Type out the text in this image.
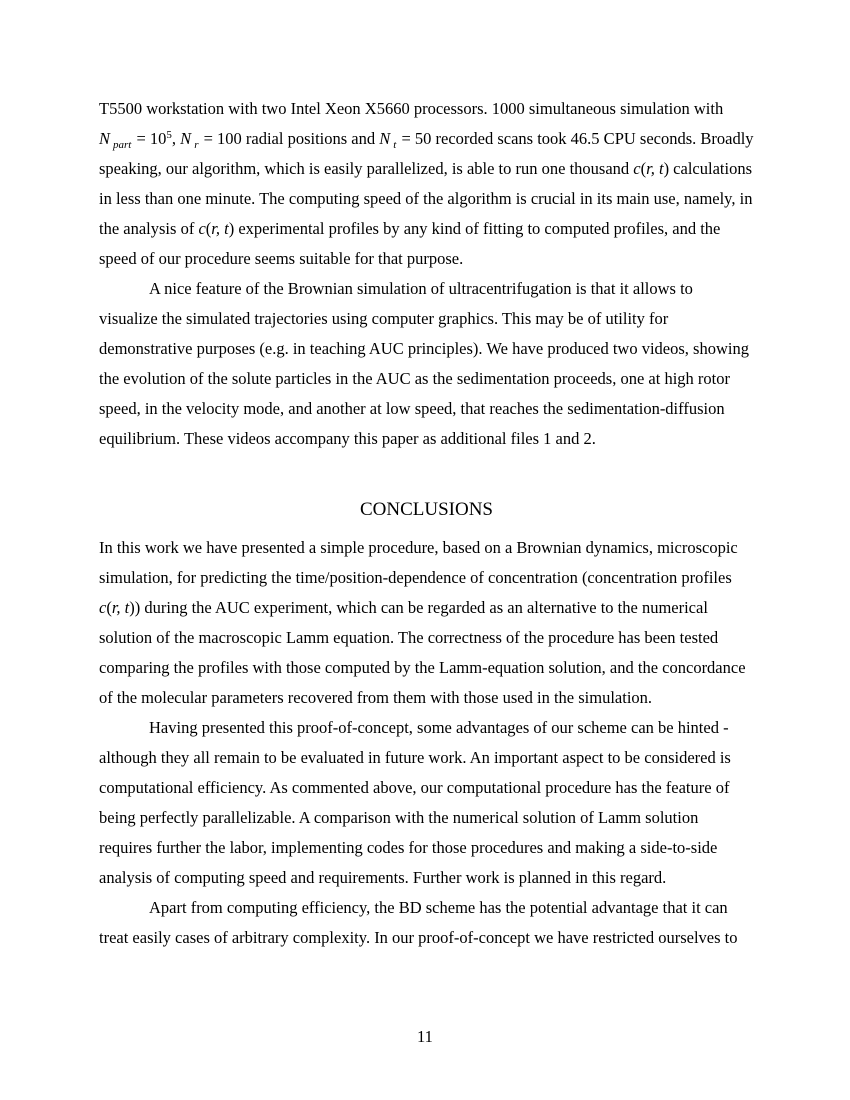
T5500 workstation with two Intel Xeon X5660 processors. 1000 simultaneous simulation with N $_{part} = 10^5$, N $_r$ = 100 radial positions and N $_t$ = 50 recorded scans took 46.5 CPU seconds. Broadly speaking, our algorithm, which is easily parallelized, is able to run one thousand c(r, t) calculations in less than one minute. The computing speed of the algorithm is crucial in its main use, namely, in the analysis of c(r, t) experimental profiles by any kind of fitting to computed profiles, and the speed of our procedure seems suitable for that purpose.

A nice feature of the Brownian simulation of ultracentrifugation is that it allows to visualize the simulated trajectories using computer graphics. This may be of utility for demonstrative purposes (e.g. in teaching AUC principles). We have produced two videos, showing the evolution of the solute particles in the AUC as the sedimentation proceeds, one at high rotor speed, in the velocity mode, and another at low speed, that reaches the sedimentation-diffusion equilibrium. These videos accompany this paper as additional files 1 and 2.

CONCLUSIONS

In this work we have presented a simple procedure, based on a Brownian dynamics, microscopic simulation, for predicting the time/position-dependence of concentration (concentration profiles c(r, t)) during the AUC experiment, which can be regarded as an alternative to the numerical solution of the macroscopic Lamm equation. The correctness of the procedure has been tested comparing the profiles with those computed by the Lamm-equation solution, and the concordance of the molecular parameters recovered from them with those used in the simulation.

Having presented this proof-of-concept, some advantages of our scheme can be hinted - although they all remain to be evaluated in future work. An important aspect to be considered is computational efficiency. As commented above, our computational procedure has the feature of being perfectly parallelizable. A comparison with the numerical solution of Lamm solution requires further the labor, implementing codes for those procedures and making a side-to-side analysis of computing speed and requirements. Further work is planned in this regard.

Apart from computing efficiency, the BD scheme has the potential advantage that it can treat easily cases of arbitrary complexity. In our proof-of-concept we have restricted ourselves to

11
